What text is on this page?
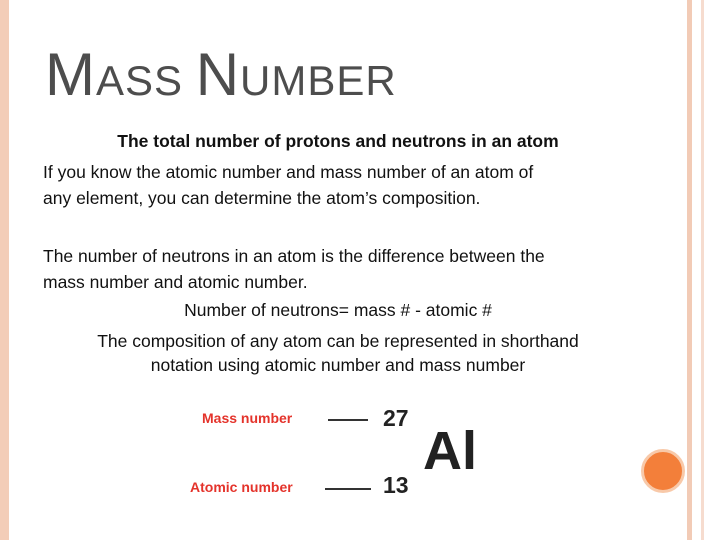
MASS NUMBER

The total number of protons and neutrons in an atom

If you know the atomic number and mass number of an atom of

any element, you can determine the atom’s composition.

The number of neutrons in an atom is the difference between the

mass number and atomic number.

Number of neutrons= mass # - atomic #

The composition of any atom can be represented in shorthand

notation using atomic number and mass number

Mass number	27
Atomic number	13
Al
